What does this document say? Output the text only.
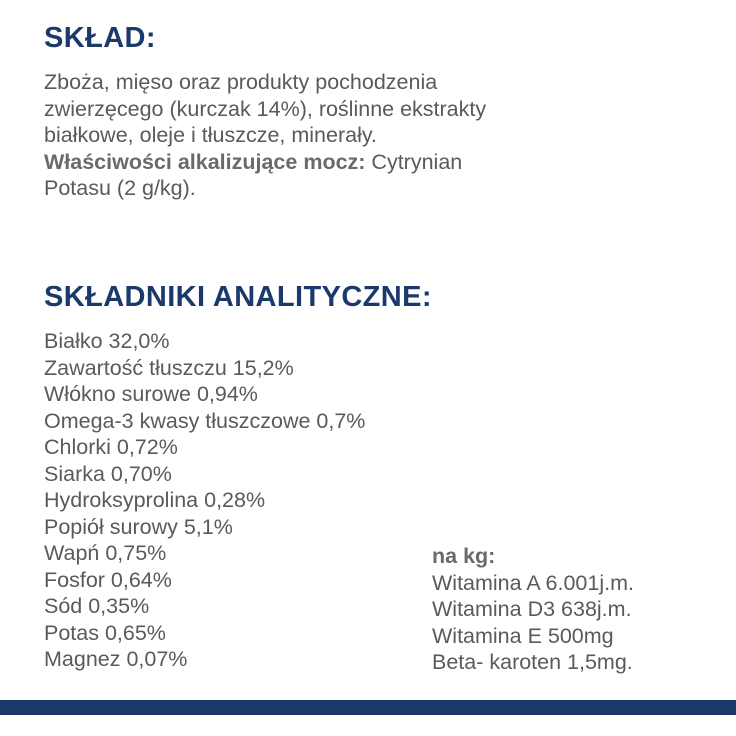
SKŁAD:

Zboża, mięso oraz produkty pochodzenia
zwierzęcego (kurczak 14%), roślinne ekstrakty
białkowe, oleje i tłuszcze, minerały.
Właściwości alkalizujące mocz: Cytrynian
Potasu (2 g/kg).

SKŁADNIKI ANALITYCZNE:
Białko 32,0%
Zawartość tłuszczu 15,2%
Włókno surowe 0,94%
Omega-3 kwasy tłuszczowe 0,7%
Chlorki 0,72%
Siarka 0,70%
Hydroksyprolina 0,28%
Popiół surowy 5,1%
Wapń 0,75%
Fosfor 0,64%
Sód 0,35%
Potas 0,65%
Magnez 0,07%
na kg:
Witamina A 6.001j.m.
Witamina D3 638j.m.
Witamina E 500mg
Beta- karoten 1,5mg.
